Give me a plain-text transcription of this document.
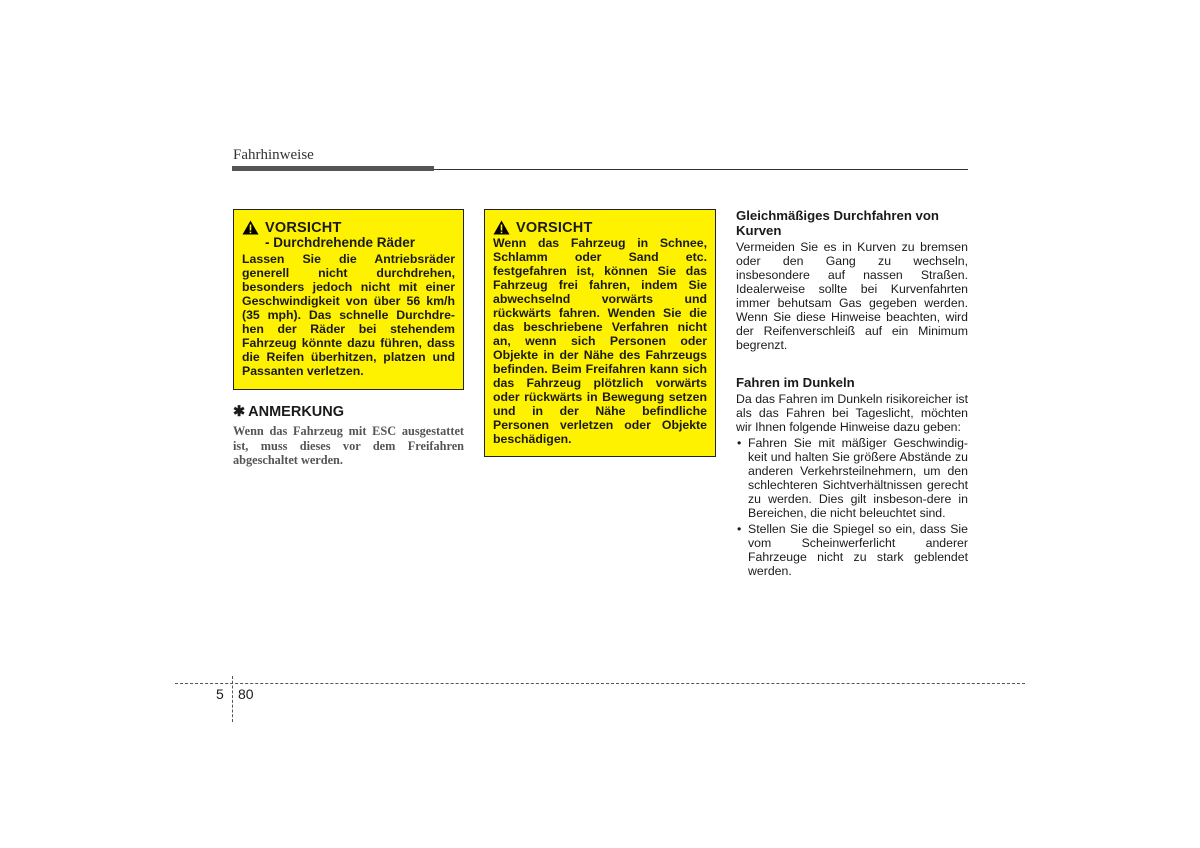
Fahrhinweise
VORSICHT
- Durchdrehende Räder
Lassen Sie die Antriebsräder generell nicht durchdrehen, besonders jedoch nicht mit einer Geschwindigkeit von über 56 km/h (35 mph). Das schnelle Durchdre-hen der Räder bei stehendem Fahrzeug könnte dazu führen, dass die Reifen überhitzen, platzen und Passanten verletzen.
✱ ANMERKUNG
Wenn das Fahrzeug mit ESC ausgestattet ist, muss dieses vor dem Freifahren abgeschaltet werden.
VORSICHT
Wenn das Fahrzeug in Schnee, Schlamm oder Sand etc. festgefahren ist, können Sie das Fahrzeug frei fahren, indem Sie abwechselnd vorwärts und rückwärts fahren. Wenden Sie die das beschriebene Verfahren nicht an, wenn sich Personen oder Objekte in der Nähe des Fahrzeugs befinden. Beim Freifahren kann sich das Fahrzeug plötzlich vorwärts oder rückwärts in Bewegung setzen und in der Nähe befindliche Personen verletzen oder Objekte beschädigen.
Gleichmäßiges Durchfahren von Kurven

Vermeiden Sie es in Kurven zu bremsen oder den Gang zu wechseln, insbesondere auf nassen Straßen. Idealerweise sollte bei Kurvenfahrten immer behutsam Gas gegeben werden. Wenn Sie diese Hinweise beachten, wird der Reifenverschleiß auf ein Minimum begrenzt.

Fahren im Dunkeln

Da das Fahren im Dunkeln risikoreicher ist als das Fahren bei Tageslicht, möchten wir Ihnen folgende Hinweise dazu geben:

• Fahren Sie mit mäßiger Geschwindig-keit und halten Sie größere Abstände zu anderen Verkehrsteilnehmern, um den schlechteren Sichtverhältnissen gerecht zu werden. Dies gilt insbeson-dere in Bereichen, die nicht beleuchtet sind.
• Stellen Sie die Spiegel so ein, dass Sie vom Scheinwerferlicht anderer Fahrzeuge nicht zu stark geblendet werden.
5 80
